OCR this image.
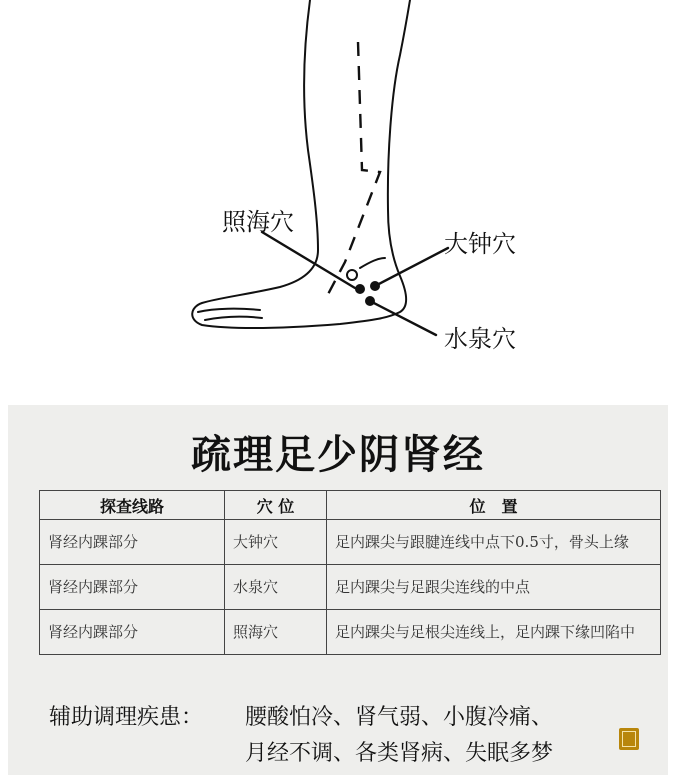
照海穴
大钟穴
水泉穴
疏理足少阴肾经
探查线路	穴 位	位　置
肾经内踝部分	大钟穴	足内踝尖与跟腱连线中点下0.5寸，骨头上缘
肾经内踝部分	水泉穴	足内踝尖与足跟尖连线的中点
肾经内踝部分	照海穴	足内踝尖与足根尖连线上，足内踝下缘凹陷中
辅助调理疾患： 腰酸怕冷、肾气弱、小腹冷痛、
月经不调、各类肾病、失眠多梦
